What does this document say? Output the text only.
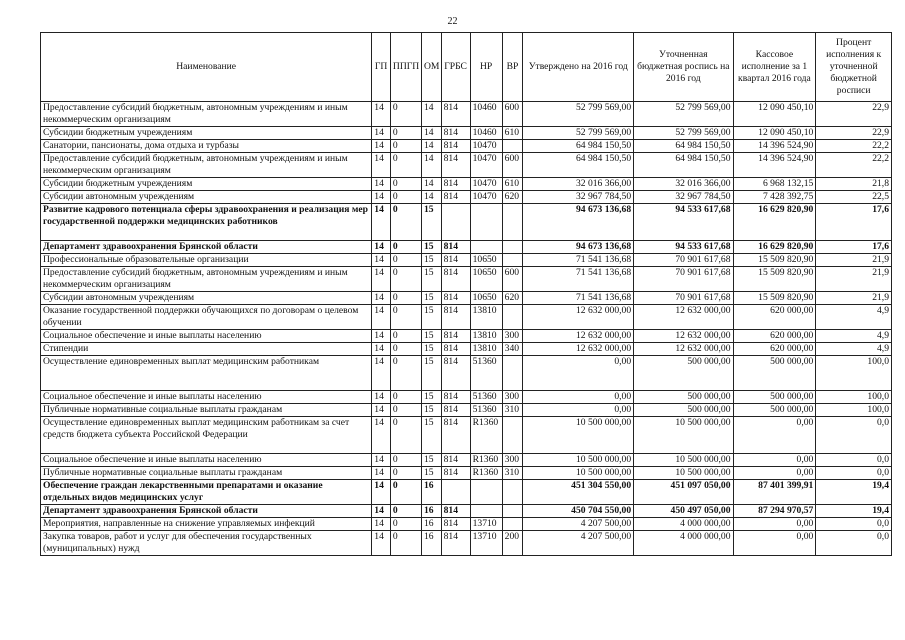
22
Наименование	ГП	ППГП	ОМ	ГРБС	НР	ВР	Утверждено на 2016 год	Уточненная бюджетная роспись на 2016 год	Кассовое исполнение за 1 квартал 2016 года	Процент исполнения к уточненной бюджетной росписи
Предоставление субсидий бюджетным, автономным учреждениям и иным некоммерческим организациям	14	0	14	814	10460	600	52 799 569,00	52 799 569,00	12 090 450,10	22,9
Субсидии бюджетным учреждениям	14	0	14	814	10460	610	52 799 569,00	52 799 569,00	12 090 450,10	22,9
Санатории, пансионаты, дома отдыха и турбазы	14	0	14	814	10470		64 984 150,50	64 984 150,50	14 396 524,90	22,2
Предоставление субсидий бюджетным, автономным учреждениям и иным некоммерческим организациям	14	0	14	814	10470	600	64 984 150,50	64 984 150,50	14 396 524,90	22,2
Субсидии бюджетным учреждениям	14	0	14	814	10470	610	32 016 366,00	32 016 366,00	6 968 132,15	21,8
Субсидии автономным учреждениям	14	0	14	814	10470	620	32 967 784,50	32 967 784,50	7 428 392,75	22,5
Развитие кадрового потенциала сферы здравоохранения и реализация мер государственной поддержки медицинских работников	14	0	15				94 673 136,68	94 533 617,68	16 629 820,90	17,6
Департамент здравоохранения Брянской области	14	0	15	814			94 673 136,68	94 533 617,68	16 629 820,90	17,6
Профессиональные образовательные организации	14	0	15	814	10650		71 541 136,68	70 901 617,68	15 509 820,90	21,9
Предоставление субсидий бюджетным, автономным учреждениям и иным некоммерческим организациям	14	0	15	814	10650	600	71 541 136,68	70 901 617,68	15 509 820,90	21,9
Субсидии автономным учреждениям	14	0	15	814	10650	620	71 541 136,68	70 901 617,68	15 509 820,90	21,9
Оказание государственной поддержки обучающихся по договорам о целевом обучении	14	0	15	814	13810		12 632 000,00	12 632 000,00	620 000,00	4,9
Социальное обеспечение и иные выплаты населению	14	0	15	814	13810	300	12 632 000,00	12 632 000,00	620 000,00	4,9
Стипендии	14	0	15	814	13810	340	12 632 000,00	12 632 000,00	620 000,00	4,9
Осуществление единовременных выплат медицинским работникам	14	0	15	814	51360		0,00	500 000,00	500 000,00	100,0
Социальное обеспечение и иные выплаты населению	14	0	15	814	51360	300	0,00	500 000,00	500 000,00	100,0
Публичные нормативные социальные выплаты гражданам	14	0	15	814	51360	310	0,00	500 000,00	500 000,00	100,0
Осуществление единовременных выплат медицинским работникам за счет средств бюджета субъекта Российской Федерации	14	0	15	814	R1360		10 500 000,00	10 500 000,00	0,00	0,0
Социальное обеспечение и иные выплаты населению	14	0	15	814	R1360	300	10 500 000,00	10 500 000,00	0,00	0,0
Публичные нормативные социальные выплаты гражданам	14	0	15	814	R1360	310	10 500 000,00	10 500 000,00	0,00	0,0
Обеспечение граждан лекарственными препаратами и оказание отдельных видов медицинских услуг	14	0	16				451 304 550,00	451 097 050,00	87 401 399,91	19,4
Департамент здравоохранения Брянской области	14	0	16	814			450 704 550,00	450 497 050,00	87 294 970,57	19,4
Мероприятия, направленные на снижение управляемых инфекций	14	0	16	814	13710		4 207 500,00	4 000 000,00	0,00	0,0
Закупка товаров, работ и услуг для обеспечения государственных (муниципальных) нужд	14	0	16	814	13710	200	4 207 500,00	4 000 000,00	0,00	0,0
